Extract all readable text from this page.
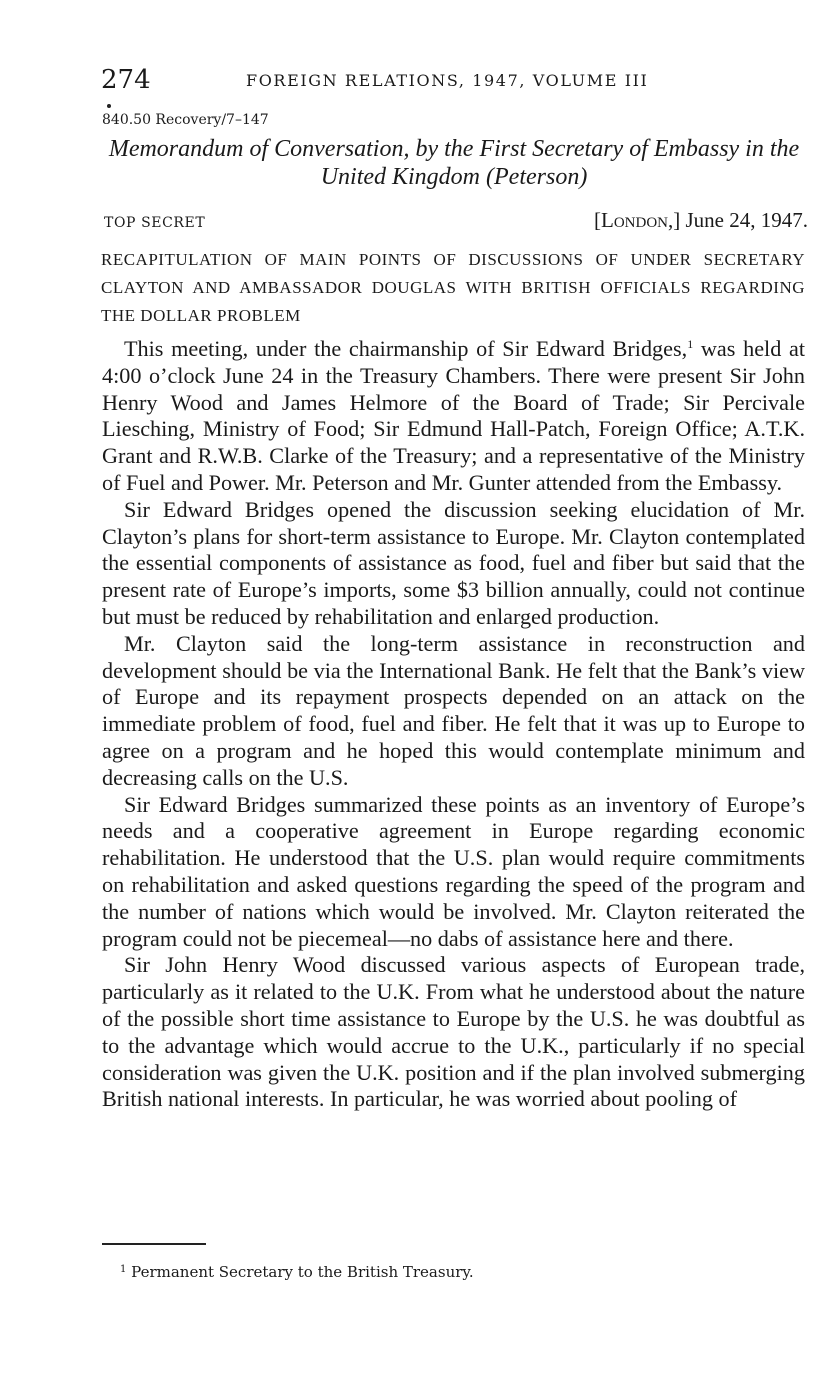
274	FOREIGN RELATIONS, 1947, VOLUME III
840.50 Recovery/7–147
Memorandum of Conversation, by the First Secretary of Embassy in the United Kingdom (Peterson)
TOP SECRET	[London,] June 24, 1947.
RECAPITULATION OF MAIN POINTS OF DISCUSSIONS OF UNDER SECRETARY CLAYTON AND AMBASSADOR DOUGLAS WITH BRITISH OFFICIALS REGARDING THE DOLLAR PROBLEM

This meeting, under the chairmanship of Sir Edward Bridges,$^1$ was held at 4:00 o’clock June 24 in the Treasury Chambers. There were present Sir John Henry Wood and James Helmore of the Board of Trade; Sir Percivale Liesching, Ministry of Food; Sir Edmund Hall-Patch, Foreign Office; A.T.K. Grant and R.W.B. Clarke of the Treasury; and a representative of the Ministry of Fuel and Power. Mr. Peterson and Mr. Gunter attended from the Embassy.

Sir Edward Bridges opened the discussion seeking elucidation of Mr. Clayton’s plans for short-term assistance to Europe. Mr. Clayton contemplated the essential components of assistance as food, fuel and fiber but said that the present rate of Europe’s imports, some $3 billion annually, could not continue but must be reduced by rehabilitation and enlarged production.

Mr. Clayton said the long-term assistance in reconstruction and development should be via the International Bank. He felt that the Bank’s view of Europe and its repayment prospects depended on an attack on the immediate problem of food, fuel and fiber. He felt that it was up to Europe to agree on a program and he hoped this would contemplate minimum and decreasing calls on the U.S.

Sir Edward Bridges summarized these points as an inventory of Europe’s needs and a cooperative agreement in Europe regarding economic rehabilitation. He understood that the U.S. plan would require commitments on rehabilitation and asked questions regarding the speed of the program and the number of nations which would be involved. Mr. Clayton reiterated the program could not be piecemeal—no dabs of assistance here and there.

Sir John Henry Wood discussed various aspects of European trade, particularly as it related to the U.K. From what he understood about the nature of the possible short time assistance to Europe by the U.S. he was doubtful as to the advantage which would accrue to the U.K., particularly if no special consideration was given the U.K. position and if the plan involved submerging British national interests. In particular, he was worried about pooling of

$^1$ Permanent Secretary to the British Treasury.
